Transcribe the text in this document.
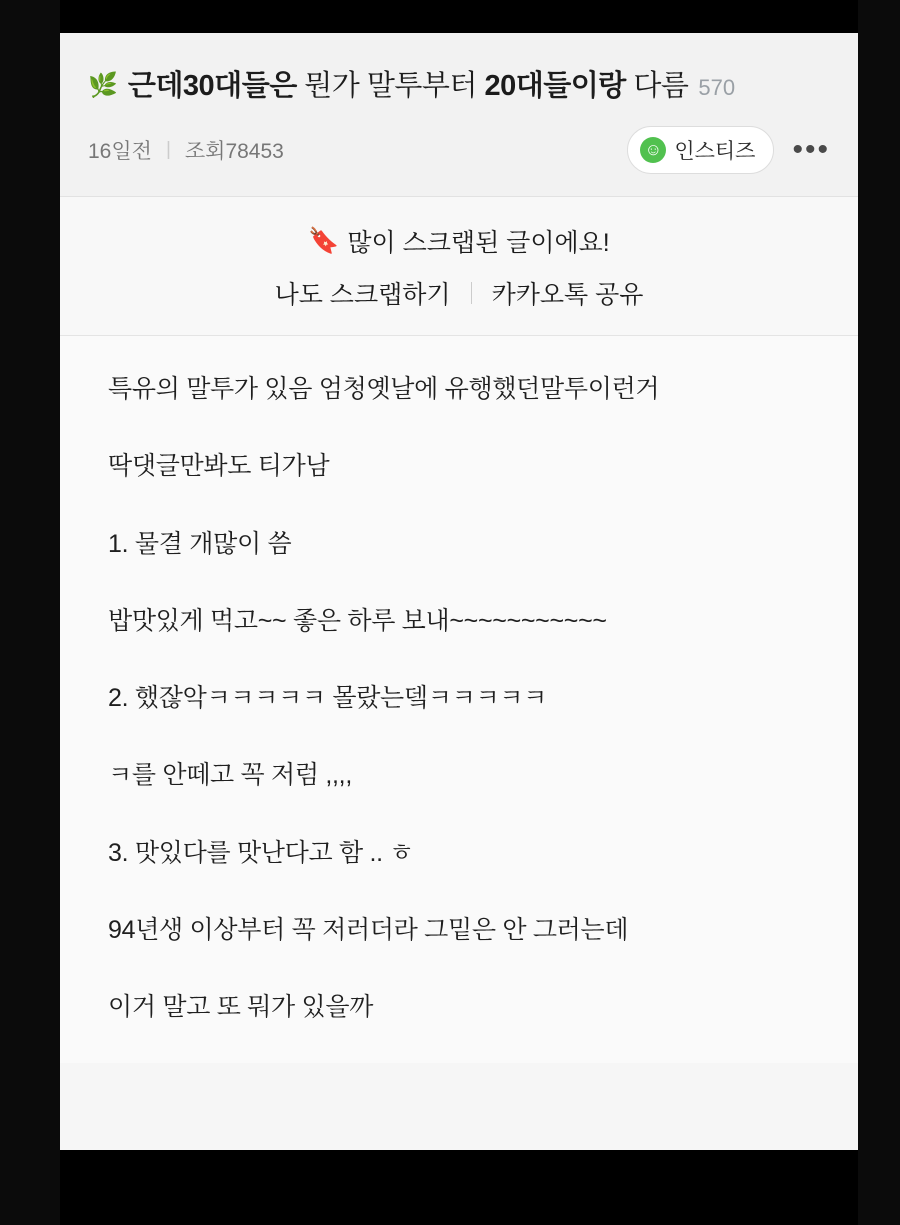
🌿 근데30대들은 뭔가 말투부터 20대들이랑 다름 570
16일전 | 조회78453	☺ 인스티즈 •••
🔖 많이 스크랩된 글이에요!
나도 스크랩하기 카카오톡 공유

특유의 말투가 있음 엄청옛날에 유행했던말투이런거

딱댓글만봐도 티가남

1. 물결 개많이 씀

밥맛있게 먹고~~ 좋은 하루 보내~~~~~~~~~~~

2. 했잖악ㅋㅋㅋㅋㅋ 몰랐는뎈ㅋㅋㅋㅋㅋ

ㅋ를 안떼고 꼭 저럼 ,,,,

3. 맛있다를 맛난다고 함 .. ㅎ

94년생 이상부터 꼭 저러더라 그밑은 안 그러는데

이거 말고 또 뭐가 있을까
